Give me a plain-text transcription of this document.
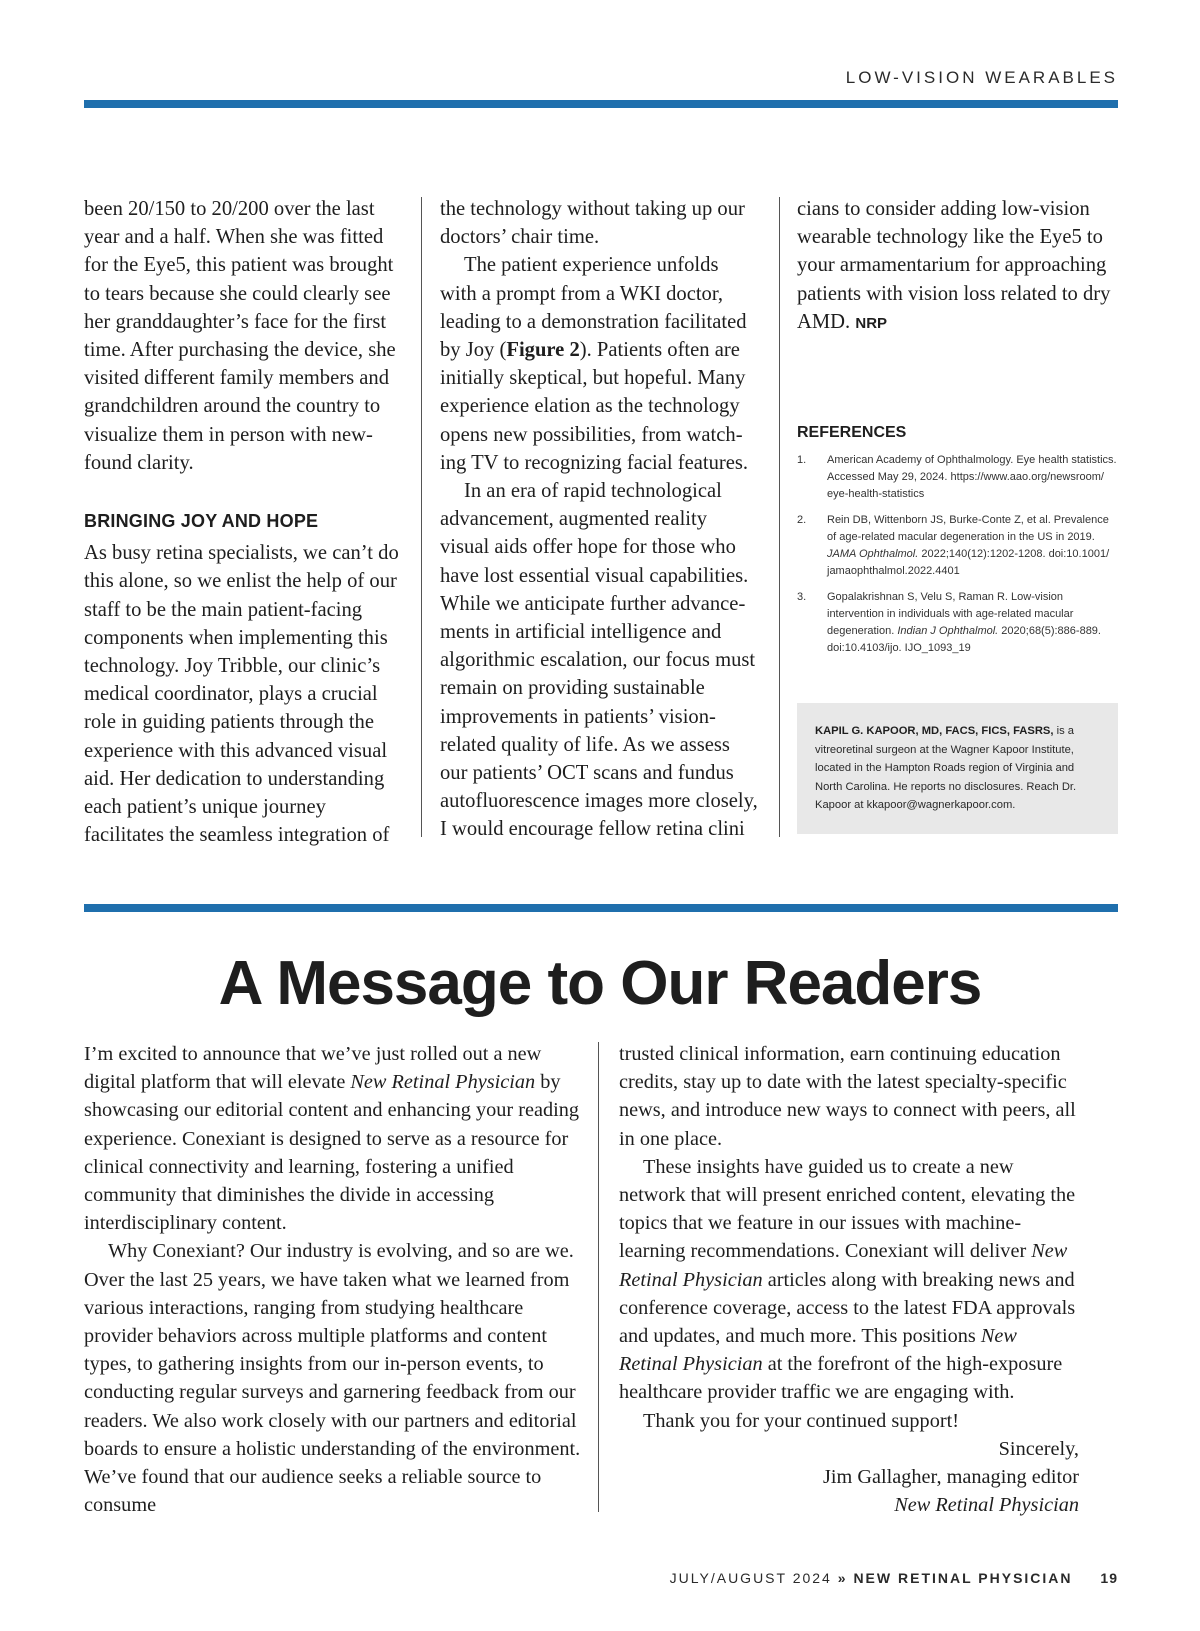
LOW-VISION WEARABLES

been 20/150 to 20/200 over the last year and a half. When she was fitted for the Eye5, this patient was brought to tears because she could clearly see her granddaughter’s face for the first time. After purchasing the device, she visited different family members and grandchildren around the country to visualize them in person with newfound clarity.

BRINGING JOY AND HOPE

As busy retina specialists, we can’t do this alone, so we enlist the help of our staff to be the main patient-facing components when implementing this technology. Joy Tribble, our clinic’s medical coordinator, plays a crucial role in guiding patients through the experience with this advanced visual aid. Her dedication to understanding each patient’s unique journey facilitates the seamless integration of

the technology without taking up our doctors’ chair time.

The patient experience unfolds with a prompt from a WKI doctor, leading to a demonstration facilitated by Joy (Figure 2). Patients often are initially skeptical, but hopeful. Many experience elation as the technology opens new possibilities, from watching TV to recognizing facial features.

In an era of rapid technological advancement, augmented reality visual aids offer hope for those who have lost essential visual capabilities. While we anticipate further advancements in artificial intelligence and algorithmic escalation, our focus must remain on providing sustainable improvements in patients’ vision-related quality of life. As we assess our patients’ OCT scans and fundus autofluorescence images more closely, I would encourage fellow retina clini

cians to consider adding low-vision wearable technology like the Eye5 to your armamentarium for approaching patients with vision loss related to dry AMD. NRP

REFERENCES
1.	American Academy of Ophthalmology. Eye health statistics. Accessed May 29, 2024. https://www.aao.org/newsroom/ eye-health-statistics
2.	Rein DB, Wittenborn JS, Burke-Conte Z, et al. Prevalence of age-related macular degeneration in the US in 2019. JAMA Ophthalmol. 2022;140(12):1202-1208. doi:10.1001/ jamaophthalmol.2022.4401
3.	Gopalakrishnan S, Velu S, Raman R. Low-vision intervention in individuals with age-related macular degeneration. Indian J Ophthalmol. 2020;68(5):886-889. doi:10.4103/ijo. IJO_1093_19
KAPIL G. KAPOOR, MD, FACS, FICS, FASRS, is a vitreoretinal surgeon at the Wagner Kapoor Institute, located in the Hampton Roads region of Virginia and North Carolina. He reports no disclosures. Reach Dr. Kapoor at kkapoor@wagnerkapoor.com.
A Message to Our Readers

I’m excited to announce that we’ve just rolled out a new digital platform that will elevate New Retinal Physician by showcasing our editorial content and enhancing your reading experience. Conexiant is designed to serve as a resource for clinical connectivity and learning, fostering a unified community that diminishes the divide in accessing interdisciplinary content.

Why Conexiant? Our industry is evolving, and so are we. Over the last 25 years, we have taken what we learned from various interactions, ranging from studying healthcare provider behaviors across multiple platforms and content types, to gathering insights from our in-person events, to conducting regular surveys and garnering feedback from our readers. We also work closely with our partners and editorial boards to ensure a holistic understanding of the environment. We’ve found that our audience seeks a reliable source to consume

trusted clinical information, earn continuing education credits, stay up to date with the latest specialty-specific news, and introduce new ways to connect with peers, all in one place.

These insights have guided us to create a new network that will present enriched content, elevating the topics that we feature in our issues with machine-learning recommendations. Conexiant will deliver New Retinal Physician articles along with breaking news and conference coverage, access to the latest FDA approvals and updates, and much more. This positions New Retinal Physician at the forefront of the high-exposure healthcare provider traffic we are engaging with.

Thank you for your continued support!

Sincerely,

Jim Gallagher, managing editor

New Retinal Physician

JULY/AUGUST 2024 » NEW RETINAL PHYSICIAN 19
